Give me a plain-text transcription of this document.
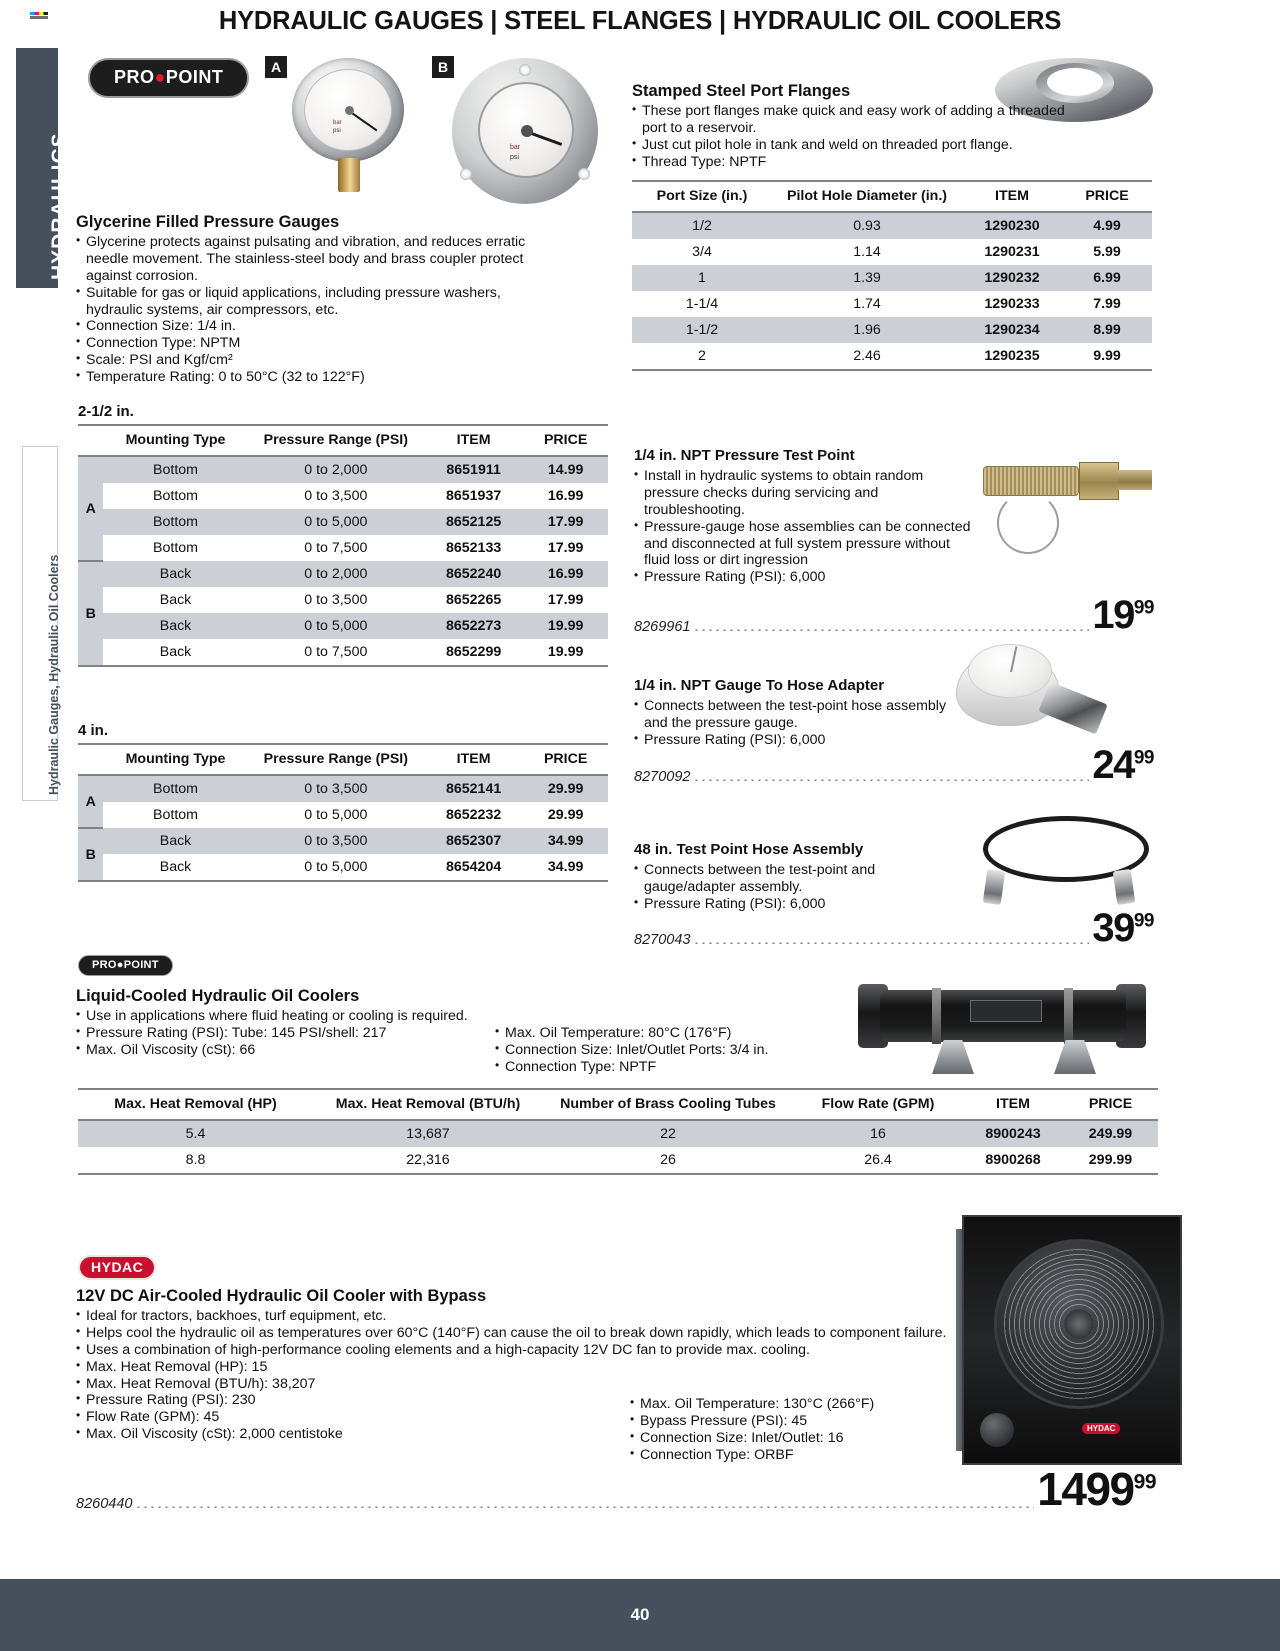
HYDRAULIC GAUGES | STEEL FLANGES | HYDRAULIC OIL COOLERS
HYDRAULICS
Hydraulic Gauges, Hydraulic Oil Coolers
PRO●POINT	A
bar
psi
B
bar
psi
Glycerine Filled Pressure Gauges
• Glycerine protects against pulsating and vibration, and reduces erratic needle movement. The stainless-steel body and brass coupler protect against corrosion.
• Suitable for gas or liquid applications, including pressure washers, hydraulic systems, air compressors, etc.
• Connection Size: 1/4 in.
• Connection Type: NPTM
• Scale: PSI and Kgf/cm²
• Temperature Rating: 0 to 50°C (32 to 122°F)
2-1/2 in.
	Mounting Type	Pressure Range (PSI)	ITEM	PRICE
A	Bottom	0 to 2,000	8651911	14.99
	Bottom	0 to 3,500	8651937	16.99
	Bottom	0 to 5,000	8652125	17.99
	Bottom	0 to 7,500	8652133	17.99
B	Back	0 to 2,000	8652240	16.99
	Back	0 to 3,500	8652265	17.99
	Back	0 to 5,000	8652273	19.99
	Back	0 to 7,500	8652299	19.99
4 in.
	Mounting Type	Pressure Range (PSI)	ITEM	PRICE
A	Bottom	0 to 3,500	8652141	29.99
	Bottom	0 to 5,000	8652232	29.99
B	Back	0 to 3,500	8652307	34.99
	Back	0 to 5,000	8654204	34.99
Stamped Steel Port Flanges
• These port flanges make quick and easy work of adding a threaded port to a reservoir.
• Just cut pilot hole in tank and weld on threaded port flange.
• Thread Type: NPTF
Port Size (in.)	Pilot Hole Diameter (in.)	ITEM	PRICE
1/2	0.93	1290230	4.99
3/4	1.14	1290231	5.99
1	1.39	1290232	6.99
1-1/4	1.74	1290233	7.99
1-1/2	1.96	1290234	8.99
2	2.46	1290235	9.99
1/4 in. NPT Pressure Test Point
• Install in hydraulic systems to obtain random pressure checks during servicing and troubleshooting.
• Pressure-gauge hose assemblies can be connected and disconnected at full system pressure without fluid loss or dirt ingression
• Pressure Rating (PSI): 6,000
8269961	$19^{99}$
1/4 in. NPT Gauge To Hose Adapter
• Connects between the test-point hose assembly and the pressure gauge.
• Pressure Rating (PSI): 6,000
8270092	$24^{99}$
48 in. Test Point Hose Assembly
• Connects between the test-point and gauge/adapter assembly.
• Pressure Rating (PSI): 6,000
8270043	$39^{99}$
PRO●POINT
Liquid-Cooled Hydraulic Oil Coolers
• Use in applications where fluid heating or cooling is required.
• Pressure Rating (PSI): Tube: 145 PSI/shell: 217
• Max. Oil Viscosity (cSt): 66
• Max. Oil Temperature: 80°C (176°F)
• Connection Size: Inlet/Outlet Ports: 3/4 in.
• Connection Type: NPTF
Max. Heat Removal (HP)	Max. Heat Removal (BTU/h)	Number of Brass Cooling Tubes	Flow Rate (GPM)	ITEM	PRICE
5.4	13,687	22	16	8900243	249.99
8.8	22,316	26	26.4	8900268	299.99
HYDAC
HYDAC
12V DC Air-Cooled Hydraulic Oil Cooler with Bypass
• Ideal for tractors, backhoes, turf equipment, etc.
• Helps cool the hydraulic oil as temperatures over 60°C (140°F) can cause the oil to break down rapidly, which leads to component failure.
• Uses a combination of high-performance cooling elements and a high-capacity 12V DC fan to provide max. cooling.
• Max. Heat Removal (HP): 15
• Max. Heat Removal (BTU/h): 38,207
• Pressure Rating (PSI): 230
• Flow Rate (GPM): 45
• Max. Oil Viscosity (cSt): 2,000 centistoke
• Max. Oil Temperature: 130°C (266°F)
• Bypass Pressure (PSI): 45
• Connection Size: Inlet/Outlet: 16
• Connection Type: ORBF
8260440	1499$^{99}$
40
